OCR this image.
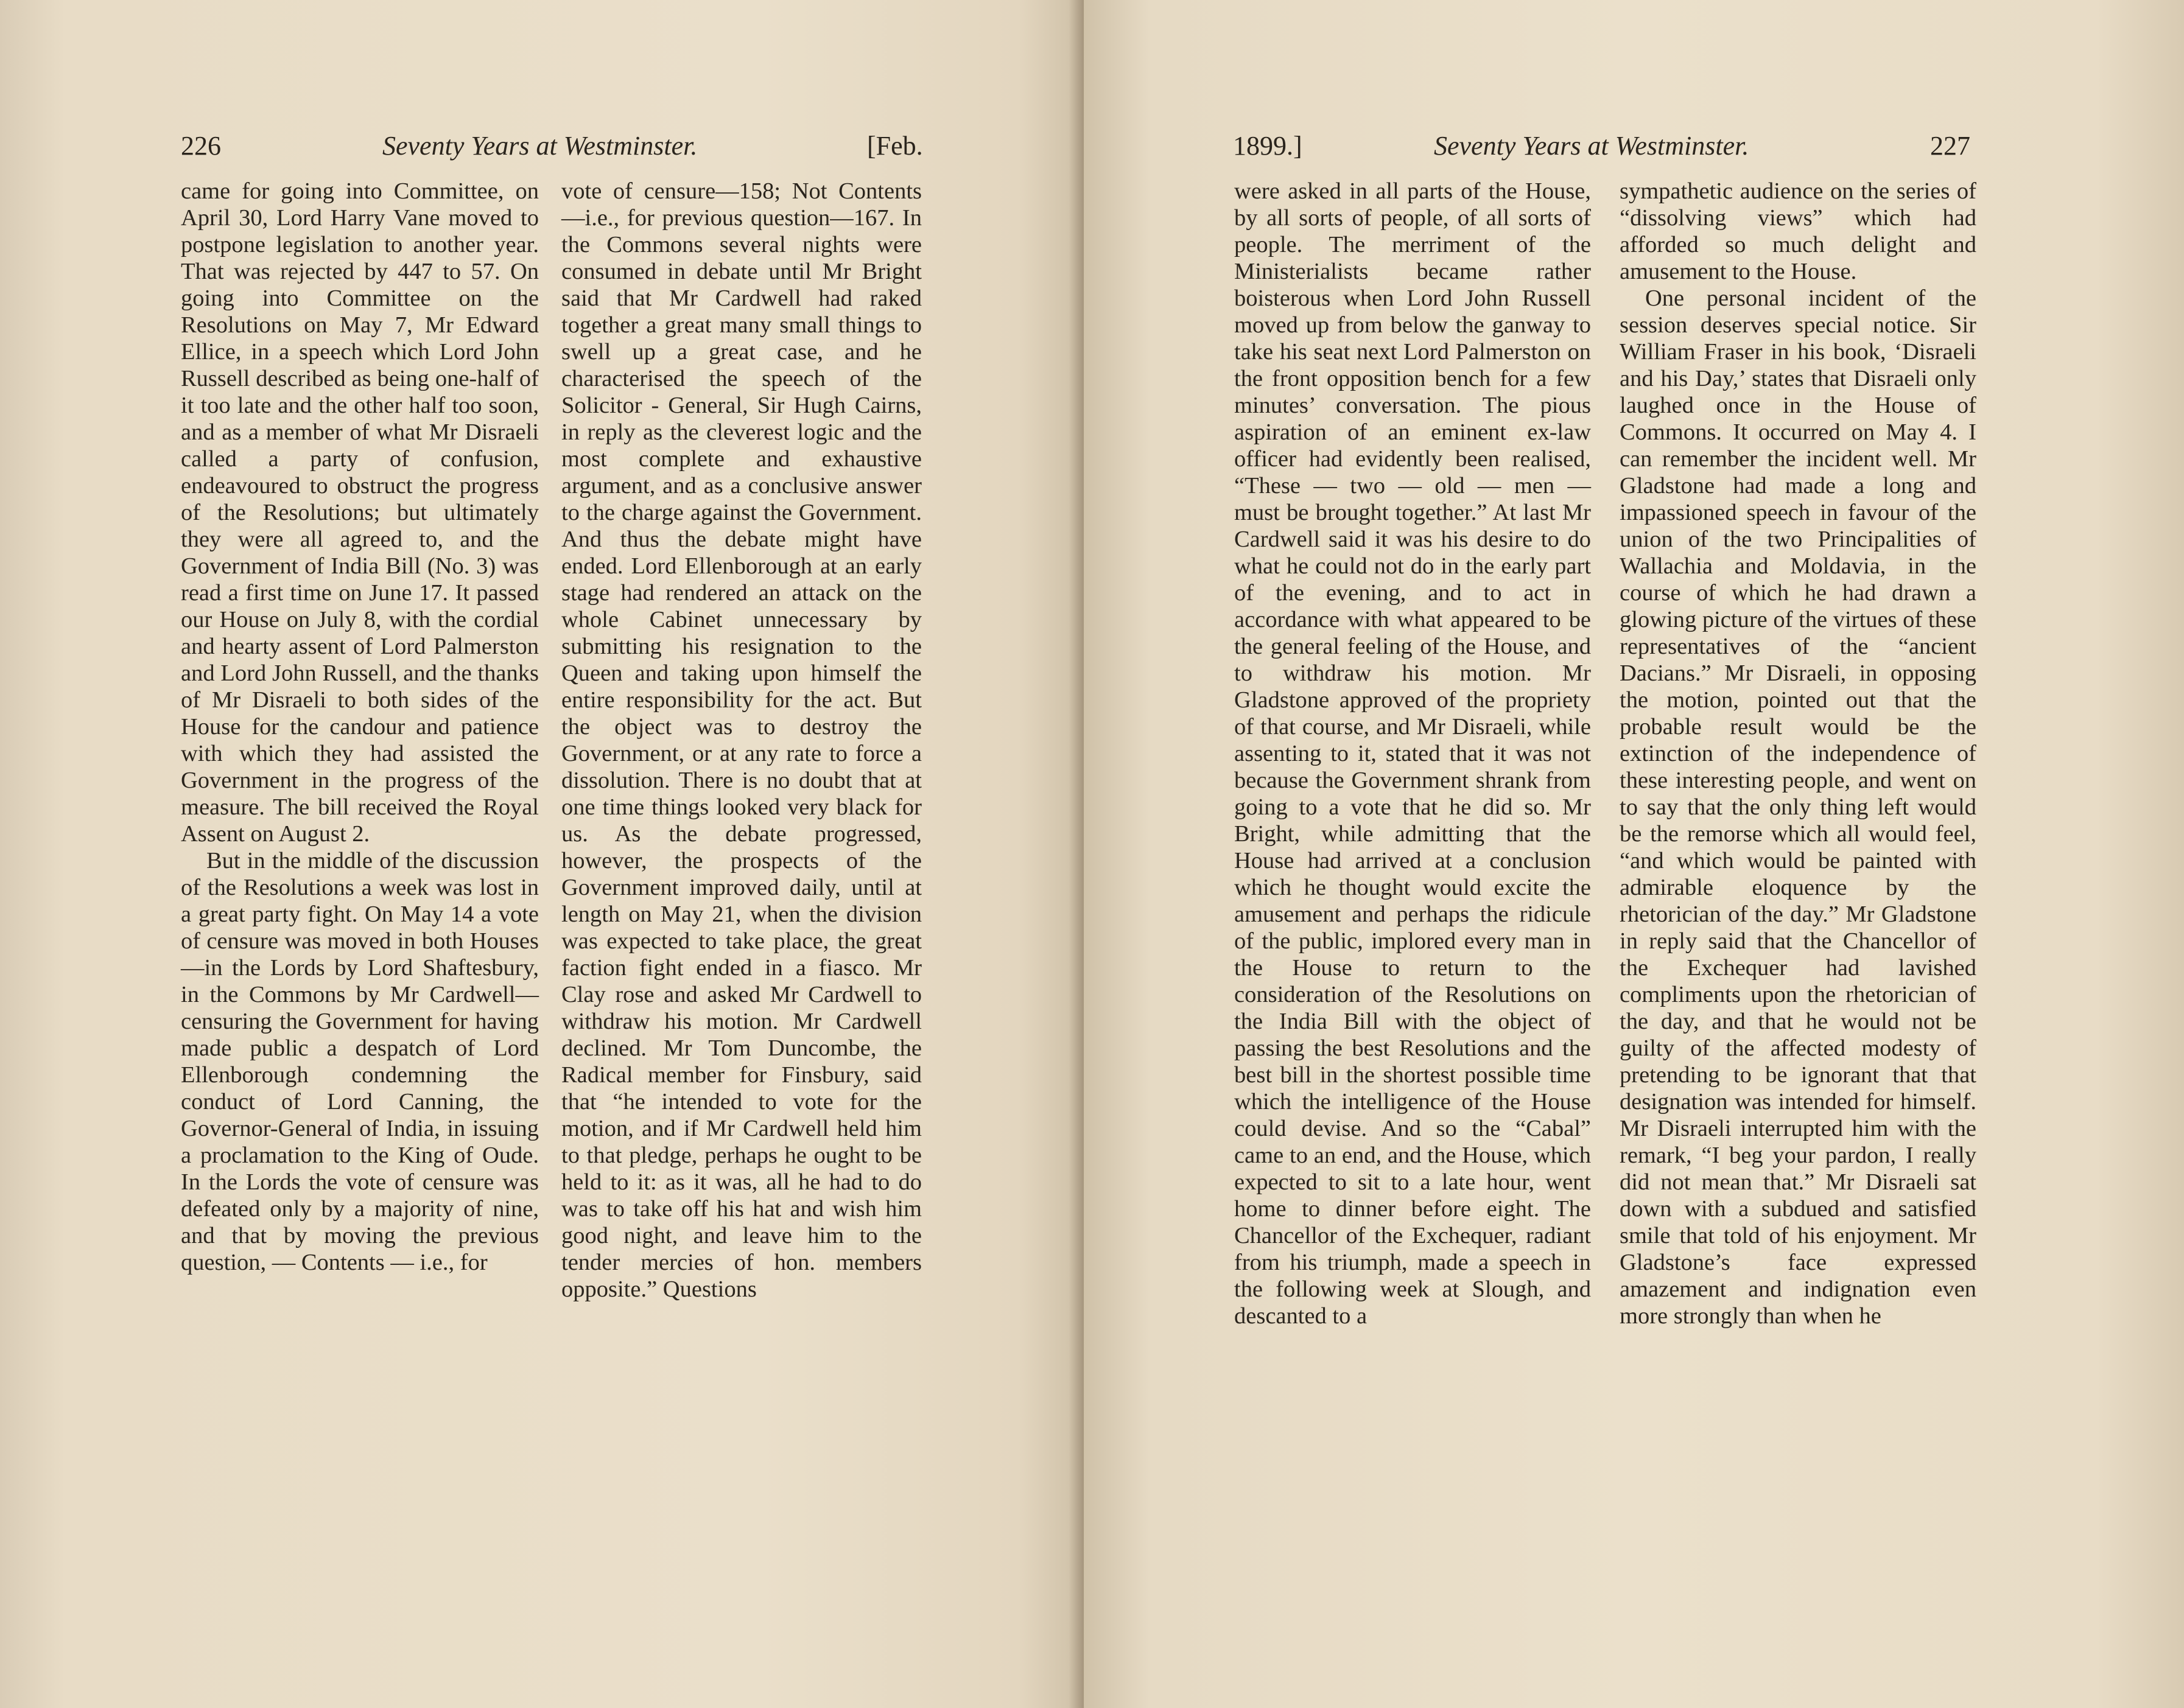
226	Seventy Years at Westminster.	[Feb.

came for going into Committee, on April 30, Lord Harry Vane moved to postpone legislation to another year. That was rejected by 447 to 57. On going into Committee on the Resolutions on May 7, Mr Edward Ellice, in a speech which Lord John Russell described as being one-half of it too late and the other half too soon, and as a member of what Mr Disraeli called a party of confusion, endeavoured to obstruct the progress of the Resolutions; but ultimately they were all agreed to, and the Government of India Bill (No. 3) was read a first time on June 17. It passed our House on July 8, with the cordial and hearty assent of Lord Palmerston and Lord John Russell, and the thanks of Mr Disraeli to both sides of the House for the candour and patience with which they had assisted the Government in the progress of the measure. The bill received the Royal Assent on August 2.

But in the middle of the discussion of the Resolutions a week was lost in a great party fight. On May 14 a vote of censure was moved in both Houses—in the Lords by Lord Shaftesbury, in the Commons by Mr Cardwell—censuring the Government for having made public a despatch of Lord Ellenborough condemning the conduct of Lord Canning, the Governor-General of India, in issuing a proclamation to the King of Oude. In the Lords the vote of censure was defeated only by a majority of nine, and that by moving the previous question, — Contents — i.e., for

vote of censure—158; Not Contents—i.e., for previous question—167. In the Commons several nights were consumed in debate until Mr Bright said that Mr Cardwell had raked together a great many small things to swell up a great case, and he characterised the speech of the Solicitor - General, Sir Hugh Cairns, in reply as the cleverest logic and the most complete and exhaustive argument, and as a conclusive answer to the charge against the Government. And thus the debate might have ended. Lord Ellenborough at an early stage had rendered an attack on the whole Cabinet unnecessary by submitting his resignation to the Queen and taking upon himself the entire responsibility for the act. But the object was to destroy the Government, or at any rate to force a dissolution. There is no doubt that at one time things looked very black for us. As the debate progressed, however, the prospects of the Government improved daily, until at length on May 21, when the division was expected to take place, the great faction fight ended in a fiasco. Mr Clay rose and asked Mr Cardwell to withdraw his motion. Mr Cardwell declined. Mr Tom Duncombe, the Radical member for Finsbury, said that “he intended to vote for the motion, and if Mr Cardwell held him to that pledge, perhaps he ought to be held to it: as it was, all he had to do was to take off his hat and wish him good night, and leave him to the tender mercies of hon. members opposite.” Questions

1899.]	Seventy Years at Westminster.	227

were asked in all parts of the House, by all sorts of people, of all sorts of people. The merriment of the Ministerialists became rather boisterous when Lord John Russell moved up from below the ganway to take his seat next Lord Palmerston on the front opposition bench for a few minutes’ conversation. The pious aspiration of an eminent ex-law officer had evidently been realised, “These — two — old — men — must be brought together.” At last Mr Cardwell said it was his desire to do what he could not do in the early part of the evening, and to act in accordance with what appeared to be the general feeling of the House, and to withdraw his motion. Mr Gladstone approved of the propriety of that course, and Mr Disraeli, while assenting to it, stated that it was not because the Government shrank from going to a vote that he did so. Mr Bright, while admitting that the House had arrived at a conclusion which he thought would excite the amusement and perhaps the ridicule of the public, implored every man in the House to return to the consideration of the Resolutions on the India Bill with the object of passing the best Resolutions and the best bill in the shortest possible time which the intelligence of the House could devise. And so the “Cabal” came to an end, and the House, which expected to sit to a late hour, went home to dinner before eight. The Chancellor of the Exchequer, radiant from his triumph, made a speech in the following week at Slough, and descanted to a

sympathetic audience on the series of “dissolving views” which had afforded so much delight and amusement to the House.

One personal incident of the session deserves special notice. Sir William Fraser in his book, ‘Disraeli and his Day,’ states that Disraeli only laughed once in the House of Commons. It occurred on May 4. I can remember the incident well. Mr Gladstone had made a long and impassioned speech in favour of the union of the two Principalities of Wallachia and Moldavia, in the course of which he had drawn a glowing picture of the virtues of these representatives of the “ancient Dacians.” Mr Disraeli, in opposing the motion, pointed out that the probable result would be the extinction of the independence of these interesting people, and went on to say that the only thing left would be the remorse which all would feel, “and which would be painted with admirable eloquence by the rhetorician of the day.” Mr Gladstone in reply said that the Chancellor of the Exchequer had lavished compliments upon the rhetorician of the day, and that he would not be guilty of the affected modesty of pretending to be ignorant that that designation was intended for himself. Mr Disraeli interrupted him with the remark, “I beg your pardon, I really did not mean that.” Mr Disraeli sat down with a subdued and satisfied smile that told of his enjoyment. Mr Gladstone’s face expressed amazement and indignation even more strongly than when he
